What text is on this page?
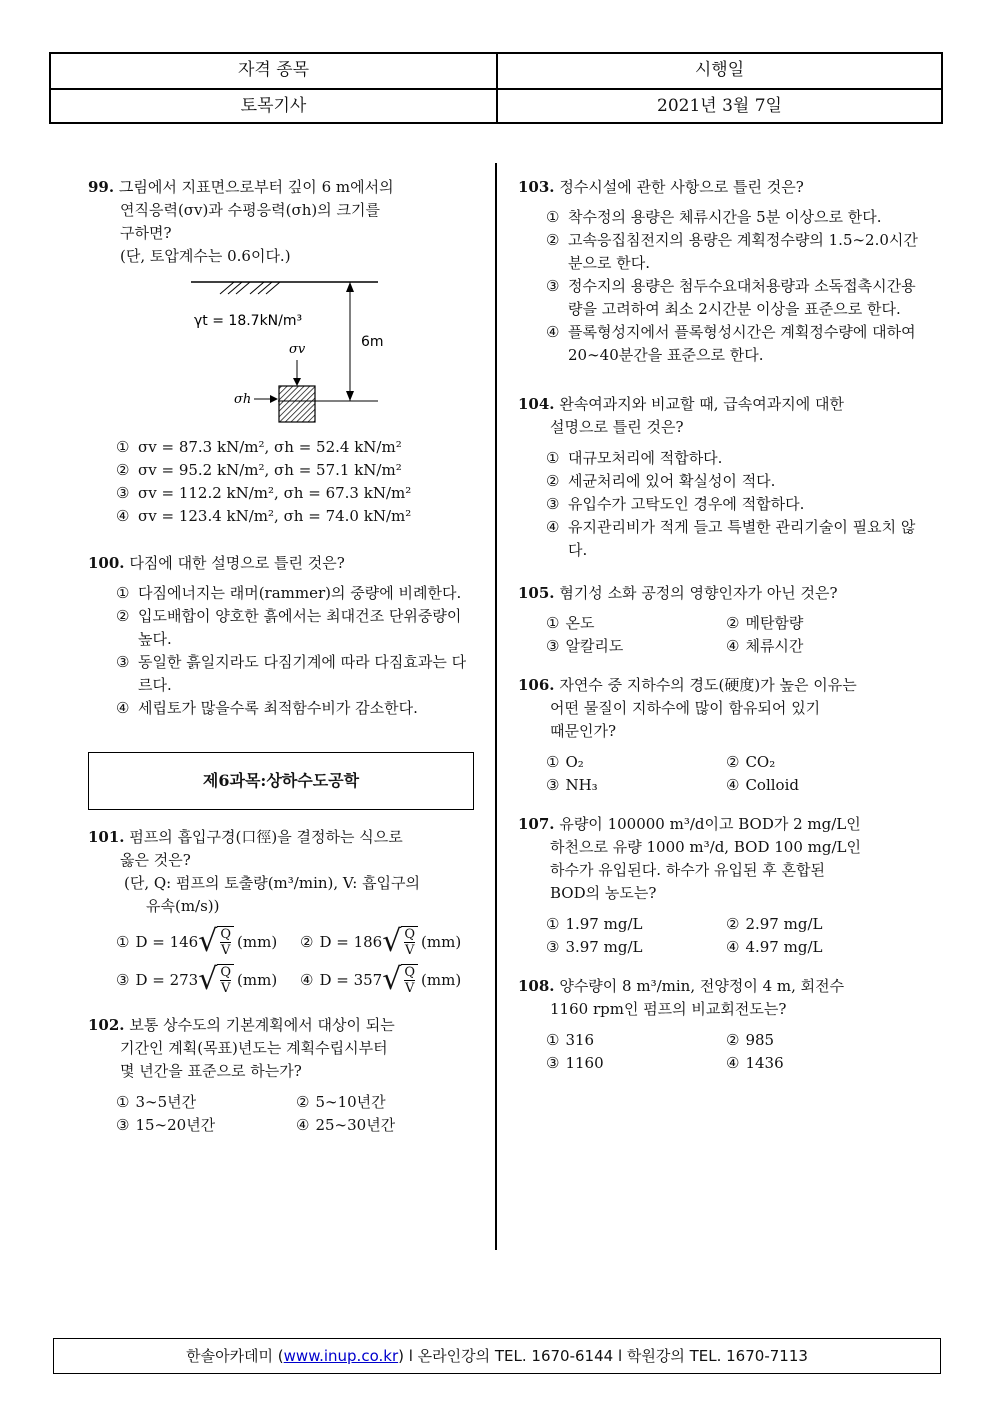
자격 종목	시행일
토목기사	2021년 3월 7일
99. 그림에서 지표면으로부터 깊이 6 m에서의
연직응력(σv)과 수평응력(σh)의 크기를
구하면?
(단, 토압계수는 0.6이다.)
γt = 18.7kN/m³
6m
σv
σh
① σv = 87.3 kN/m², σh = 52.4 kN/m²
② σv = 95.2 kN/m², σh = 57.1 kN/m²
③ σv = 112.2 kN/m², σh = 67.3 kN/m²
④ σv = 123.4 kN/m², σh = 74.0 kN/m²
100. 다짐에 대한 설명으로 틀린 것은?
① 다짐에너지는 래머(rammer)의 중량에 비례한다.
② 입도배합이 양호한 흙에서는 최대건조 단위중량이 높다.
③ 동일한 흙일지라도 다짐기계에 따라 다짐효과는 다르다.
④ 세립토가 많을수록 최적함수비가 감소한다.
제6과목:상하수도공학
101. 펌프의 흡입구경(口徑)을 결정하는 식으로
옳은 것은?
(단, Q: 펌프의 토출량(m³/min), V: 흡입구의
유속(m/s))
① D = 146 √ $\frac{Q}{V} (mm)$ ② D = 186 √ $\frac{Q}{V} (mm)$
③ D = 273 √ $\frac{Q}{V} (mm)$ ④ D = 357 √ $\frac{Q}{V} (mm)$
102. 보통 상수도의 기본계획에서 대상이 되는
기간인 계획(목표)년도는 계획수립시부터
몇 년간을 표준으로 하는가?
① 3∼5년간	② 5∼10년간
③ 15∼20년간	④ 25∼30년간
103. 정수시설에 관한 사항으로 틀린 것은?
① 착수정의 용량은 체류시간을 5분 이상으로 한다.
② 고속응집침전지의 용량은 계획정수량의 1.5∼2.0시간분으로 한다.
③ 정수지의 용량은 첨두수요대처용량과 소독접촉시간용량을 고려하여 최소 2시간분 이상을 표준으로 한다.
④ 플록형성지에서 플록형성시간은 계획정수량에 대하여 20∼40분간을 표준으로 한다.
104. 완속여과지와 비교할 때, 급속여과지에 대한
설명으로 틀린 것은?
① 대규모처리에 적합하다.
② 세균처리에 있어 확실성이 적다.
③ 유입수가 고탁도인 경우에 적합하다.
④ 유지관리비가 적게 들고 특별한 관리기술이 필요치 않다.
105. 혐기성 소화 공정의 영향인자가 아닌 것은?
① 온도	② 메탄함량
③ 알칼리도	④ 체류시간
106. 자연수 중 지하수의 경도(硬度)가 높은 이유는
어떤 물질이 지하수에 많이 함유되어 있기
때문인가?
① O₂	② CO₂
③ NH₃	④ Colloid
107. 유량이 100000 m³/d이고 BOD가 2 mg/L인
하천으로 유량 1000 m³/d, BOD 100 mg/L인
하수가 유입된다. 하수가 유입된 후 혼합된
BOD의 농도는?
① 1.97 mg/L	② 2.97 mg/L
③ 3.97 mg/L	④ 4.97 mg/L
108. 양수량이 8 m³/min, 전양정이 4 m, 회전수
1160 rpm인 펌프의 비교회전도는?
① 316	② 985
③ 1160	④ 1436
한솔아카데미 (www.inup.co.kr) l 온라인강의 TEL. 1670-6144 l 학원강의 TEL. 1670-7113
